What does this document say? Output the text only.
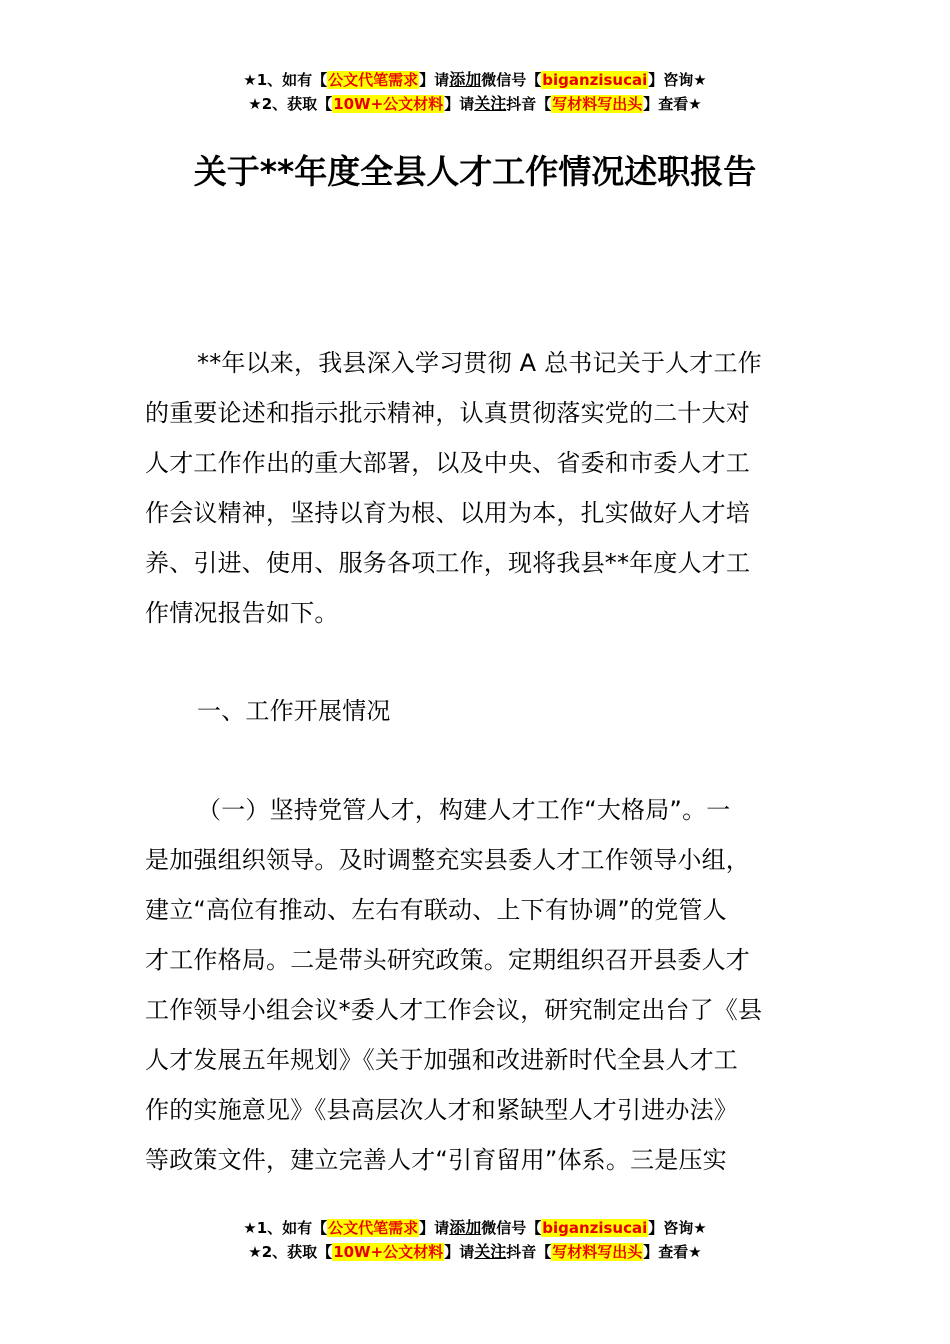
★1、如有【公文代笔需求】请添加微信号【biganzisucai】咨询★
★2、获取【10W+公文材料】请关注抖音【写材料写出头】查看★
关于**年度全县人才工作情况述职报告
**年以来，我县深入学习贯彻 A 总书记关于人才工作
的重要论述和指示批示精神，认真贯彻落实党的二十大对
人才工作作出的重大部署，以及中央、省委和市委人才工
作会议精神，坚持以育为根、以用为本，扎实做好人才培
养、引进、使用、服务各项工作，现将我县**年度人才工
作情况报告如下。
一、工作开展情况
（一）坚持党管人才，构建人才工作“大格局”。一
是加强组织领导。及时调整充实县委人才工作领导小组，
建立“高位有推动、左右有联动、上下有协调”的党管人
才工作格局。二是带头研究政策。定期组织召开县委人才
工作领导小组会议*委人才工作会议，研究制定出台了《县
人才发展五年规划》《关于加强和改进新时代全县人才工
作的实施意见》《县高层次人才和紧缺型人才引进办法》
等政策文件，建立完善人才“引育留用”体系。三是压实
★1、如有【公文代笔需求】请添加微信号【biganzisucai】咨询★
★2、获取【10W+公文材料】请关注抖音【写材料写出头】查看★
